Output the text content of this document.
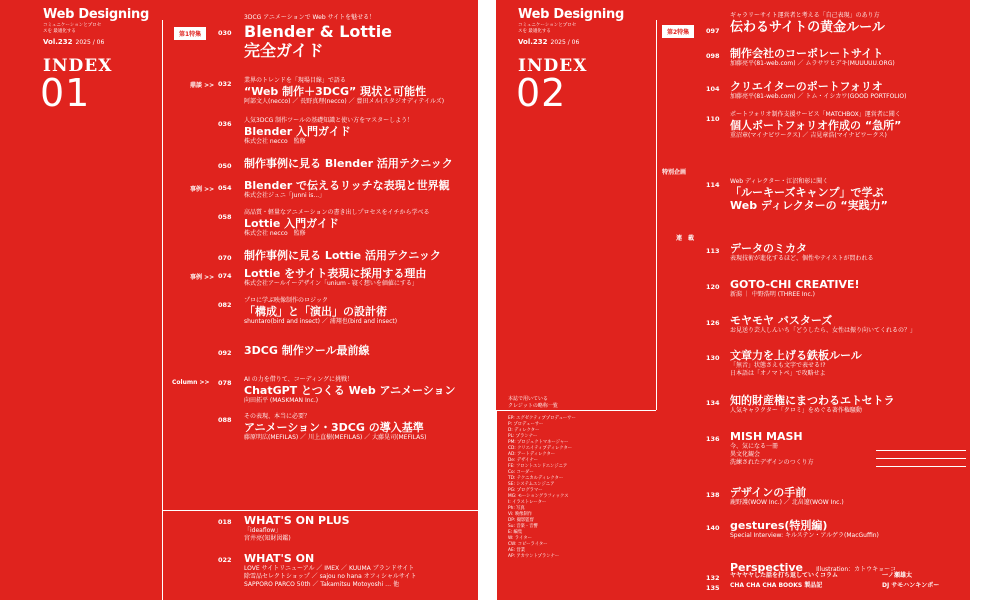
Web Designing
コミュニケーションとプロセスを 最適化する
Vol.232 2025 / 06
INDEX
01
第1特集	030
3DCG アニメーションで Web サイトを魅せる！
Blender & Lottie
完全ガイド
鼎談 >> 032 業界のトレンドを「現場目線」で語る
“Web 制作＋3DCG” 現状と可能性
阿部文人(necco) ／ 長野真理(necco) ／ 豊田メル(スタジオディテイルズ)
036 人気3DCG 制作ツールの基礎知識と使い方をマスターしよう！
Blender 入門ガイド
株式会社 necco　監修
050 制作事例に見る Blender 活用テクニック
事例 >> 054 Blender で伝えるリッチな表現と世界観
株式会社ジュニ「Junni is...」
058
高品質・軽量なアニメーションの書き出しプロセスをイチから学べる
Lottie 入門ガイド
株式会社 necco　監修
070 制作事例に見る Lottie 活用テクニック
事例 >> 074 Lottie をサイト表現に採用する理由
株式会社アールイーデザイン「unium - 寝く想いを価値にする」
082
プロに学ぶ映像制作のロジック
「構成」と「演出」の設計術
shuntaro(bird and insect) ／ 浦翔也(bird and insect)
092 3DCG 制作ツール最前線
Column >> 078 AI の力を借りて、コーディングに挑戦！
ChatGPT とつくる Web アニメーション
向田拓平 (MASKMAN Inc.)
088 その表現、本当に必要？
アニメーション・3DCG の導入基準
藤原明広(MEFILAS) ／ 川上直樹(MEFILAS) ／ 大藤晃司(MEFILAS)
018 WHAT'S ON PLUS
「ideaflow」
宮井亮(知財図鑑)
022 WHAT'S ON
LOVE サイトリニューアル ／ IMEX ／ KUUMA ブランドサイト
除雪品セレクトショップ ／ sajou no hana オフィシャルサイト
SAPPORO PARCO 50th ／ Takamitsu Motoyoshi … 他
Web Designing
コミュニケーションとプロセスを 最適化する
Vol.232 2025 / 06
INDEX
02
第2特集	097
ギャラリーサイト運営者と考える「自己表現」のあり方
伝わるサイトの黄金ルール
098 制作会社のコーポレートサイト
加藤亮平(81-web.com) ／ ムラサワヒデキ(MUUUUU.ORG)
104 クリエイターのポートフォリオ
加藤亮平(81-web.com) ／ トム・イシカワ(GOOD PORTFOLIO)
110
ポートフォリオ制作支援サービス「MATCHBOX」運営者に聞く
個人ポートフォリオ作成の “急所”
重沼章(マイナビワークス) ／ 吉見章浩(マイナビワークス)
特別企画
114 Web ディレクター・江沼和彰に聞く
「ルーキーズキャンプ」で学ぶ
Web ディレクターの “実践力”
連　載
113 データのミカタ
表現技術が進化するほど、個性やテイストが問われる
120 GOTO-CHI CREATIVE!
新潟 ｜ 中野浩明 (THREE Inc.)
126 モヤモヤ バスターズ
お見送り芸人しんいち「どうしたら、女性は振り向いてくれるの？」
130 文章力を上げる鉄板ルール
「無音」状態さえも文字で表せる!?
日本語は「オノマトペ」で攻略せよ
134 知的財産権にまつわるエトセトラ
人気キャラクター「クロミ」をめぐる著作権騒動
136 MISH MASH
今、気になる一冊	田渕将吾
異文化観会	工藤俊祐
洗練されたデザインのつくり方	加藤千恵
138 デザインの手前
鹿野護(WOW Inc.) ／ 北畠遼(WOW Inc.)
140 gestures(特別編)
Special Interview: キルステン・アルゲラ(MacGuffin)
Perspective Illustration：カトウキョーコ
132 ヤヤヤヤした話を打ち返していくコラム	一ノ瀬雄太
135 CHA CHA CHA BOOKS 製品記	DJ サモハンキンポー
本誌で用いている
クレジットの略称一覧
EP: エグゼクティブプロデューサー
P: プロデューサー
D: ディレクター
PL: プランナー
PM: プロジェクトマネージャー
CD: クリエイティブディレクター
AD: アートディレクター
De: デザイナー
FE: フロントエンドエンジニア
Co: コーダー
TD: テクニカルディレクター
SE: システムエンジニア
PG: プログラマー
MG: モーショングラフィックス
I: イラストレーター
Ph: 写真
Vi: 映像制作
DP: 撮影監督
Su: 音楽・音響
E: 編集
W: ライター
CW: コピーライター
AE: 営業
AP: アカウントプランナー
